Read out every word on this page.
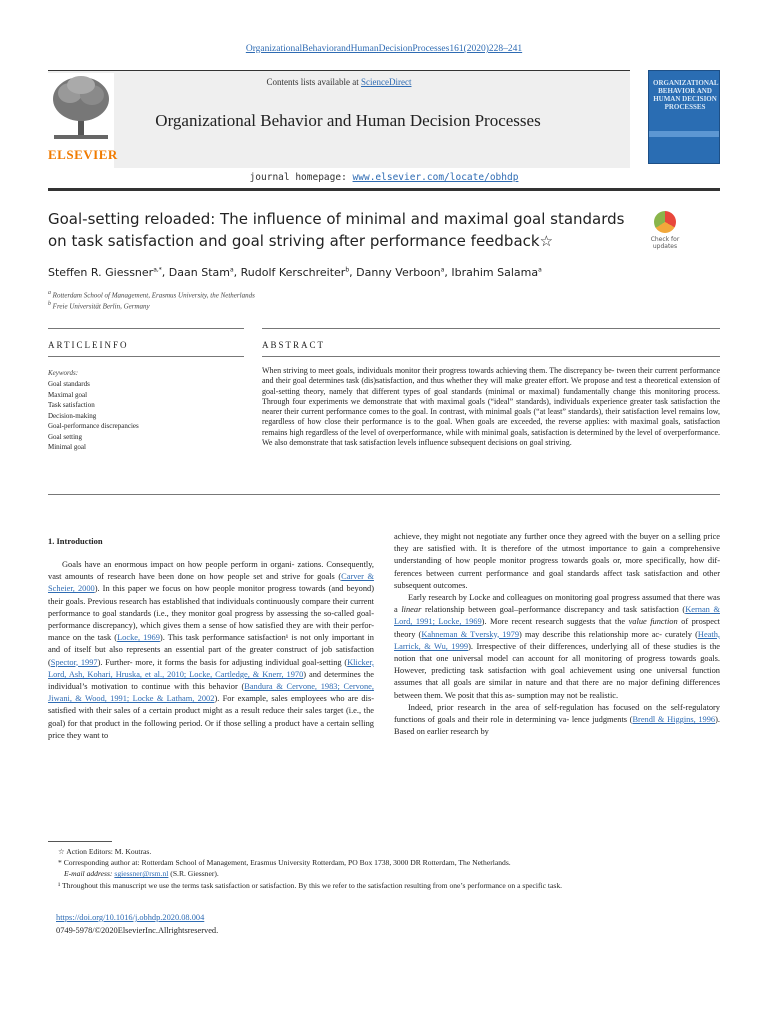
OrganizationalBehaviorandHumanDecisionProcesses161(2020)228–241
ELSEVIER
Contents lists available at ScienceDirect
Organizational Behavior and Human Decision Processes
ORGANIZATIONAL BEHAVIOR AND HUMAN DECISION PROCESSES
journal homepage: www.elsevier.com/locate/obhdp
Goal-setting reloaded: The influence of minimal and maximal goal standards on task satisfaction and goal striving after performance feedback☆	Check for updates
Steffen R. Giessner$^{a,*}$, Daan Stam$^a$, Rudolf Kerschreiter$^b$, Danny Verboon$^a$, Ibrahim Salama$^a$
$^a$ Rotterdam School of Management, Erasmus University, the Netherlands
$^b$ Freie Universität Berlin, Germany
ARTICLEINFO	ABSTRACT
Keywords:
Goal standards
Maximal goal
Task satisfaction
Decision-making
Goal-performance discrepancies
Goal setting
Minimal goal
When striving to meet goals, individuals monitor their progress towards achieving them. The discrepancy be- tween their current performance and their goal determines task (dis)satisfaction, and thus whether they will make greater effort. We propose and test a theoretical extension of goal-setting theory, namely that different types of goal standards (minimal or maximal) fundamentally change this monitoring process. Through four experiments we demonstrate that with maximal goals (“ideal” standards), individuals experience greater task satisfaction the nearer their current performance comes to the goal. In contrast, with minimal goals (“at least” standards), their satisfaction level remains low, regardless of how close their performance is to the goal. When goals are exceeded, the reverse applies: with maximal goals, satisfaction remains high regardless of the level of overperformance, while with minimal goals, satisfaction is determined by the level of overperformance. We also demonstrate that task satisfaction levels influence subsequent decisions on goal striving.
1. Introduction
Goals have an enormous impact on how people perform in organi- zations. Consequently, vast amounts of research have been done on how people set and strive for goals (Carver & Scheier, 2000). In this paper we focus on how people monitor progress towards (and beyond) their goals. Previous research has established that individuals continuously compare their current performance to goal standards (i.e., they monitor goal progress by assessing the so-called goal-performance discrepancy), which gives them a sense of how satisfied they are with their perfor- mance on the task (Locke, 1969). This task performance satisfaction¹ is not only important in and of itself but also represents an essential part of the greater construct of job satisfaction (Spector, 1997). Further- more, it forms the basis for adjusting individual goal-setting (Klicker, Lord, Ash, Kohari, Hruska, et al., 2010; Locke, Cartledge, & Knerr, 1970) and determines the individual’s motivation to continue with this behavior (Bandura & Cervone, 1983; Cervone, Jiwani, & Wood, 1991; Locke & Latham, 2002). For example, sales employees who are dis- satisfied with their sales of a certain product might as a result reduce their sales target (i.e., the goal) for that product in the following period. Or if those selling a product have a certain selling price they want to

achieve, they might not negotiate any further once they agreed with the buyer on a selling price they are satisfied with. It is therefore of the utmost importance to gain a comprehensive understanding of how people monitor progress towards goals or, more specifically, how dif- ferences between current performance and goal standards affect task satisfaction and other subsequent outcomes.

Early research by Locke and colleagues on monitoring goal progress assumed that there was a linear relationship between goal–performance discrepancy and task satisfaction (Kernan & Lord, 1991; Locke, 1969). More recent research suggests that the value function of prospect theory (Kahneman & Tversky, 1979) may describe this relationship more ac- curately (Heath, Larrick, & Wu, 1999). Irrespective of their differences, underlying all of these studies is the notion that one universal model can account for all monitoring of progress towards goals. However, predicting task satisfaction with goal achievement using one universal function assumes that all goals are similar in nature and that there are no major defining differences between them. We posit that this as- sumption may not be realistic.

Indeed, prior research in the area of self-regulation has focused on the self-regulatory functions of goals and their role in determining va- lence judgments (Brendl & Higgins, 1996). Based on earlier research by

☆ Action Editors: M. Koutras.
* Corresponding author at: Rotterdam School of Management, Erasmus University Rotterdam, PO Box 1738, 3000 DR Rotterdam, The Netherlands.
E-mail address: sgiessner@rsm.nl (S.R. Giessner).
¹ Throughout this manuscript we use the terms task satisfaction or satisfaction. By this we refer to the satisfaction resulting from one’s performance on a specific task.
https://doi.org/10.1016/j.obhdp.2020.08.004
0749-5978/©2020ElsevierInc.Allrightsreserved.
